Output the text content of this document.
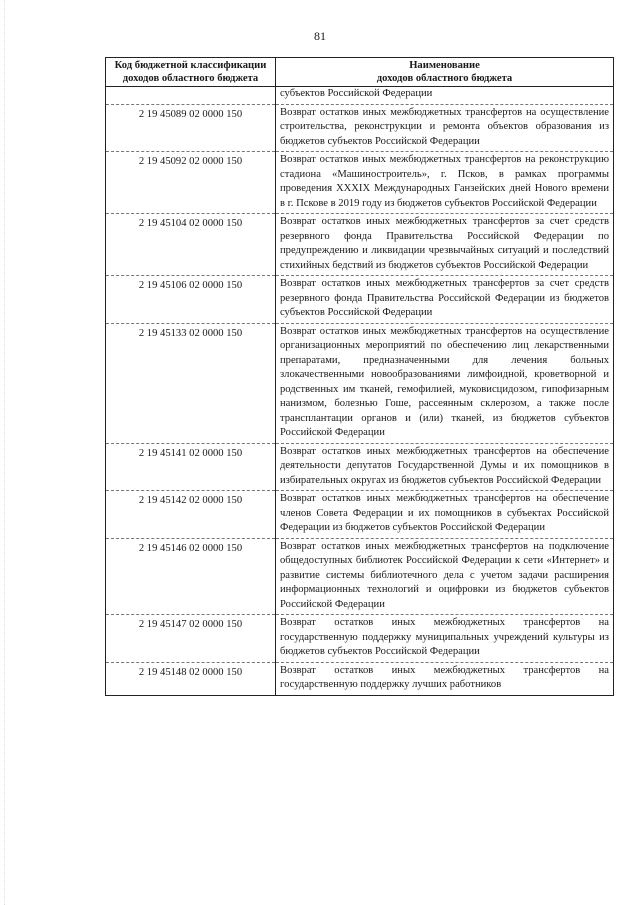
81
Код бюджетной классификации доходов областного бюджета	Наименование
доходов областного бюджета

	субъектов Российской Федерации
2 19 45089 02 0000 150	Возврат остатков иных межбюджетных трансфертов на осуществление строительства, реконструкции и ремонта объектов образования из бюджетов субъектов Российской Федерации
2 19 45092 02 0000 150	Возврат остатков иных межбюджетных трансфертов на реконструкцию стадиона «Машиностроитель», г. Псков, в рамках программы проведения XXXIX Международных Ганзейских дней Нового времени в г. Пскове в 2019 году из бюджетов субъектов Российской Федерации
2 19 45104 02 0000 150	Возврат остатков иных межбюджетных трансфертов за счет средств резервного фонда Правительства Российской Федерации по предупреждению и ликвидации чрезвычайных ситуаций и последствий стихийных бедствий из бюджетов субъектов Российской Федерации
2 19 45106 02 0000 150	Возврат остатков иных межбюджетных трансфертов за счет средств резервного фонда Правительства Российской Федерации из бюджетов субъектов Российской Федерации
2 19 45133 02 0000 150	Возврат остатков иных межбюджетных трансфертов на осуществление организационных мероприятий по обеспечению лиц лекарственными препаратами, предназначенными для лечения больных злокачественными новообразованиями лимфоидной, кроветворной и родственных им тканей, гемофилией, муковисцидозом, гипофизарным нанизмом, болезнью Гоше, рассеянным склерозом, а также после трансплантации органов и (или) тканей, из бюджетов субъектов Российской Федерации
2 19 45141 02 0000 150	Возврат остатков иных межбюджетных трансфертов на обеспечение деятельности депутатов Государственной Думы и их помощников в избирательных округах из бюджетов субъектов Российской Федерации
2 19 45142 02 0000 150	Возврат остатков иных межбюджетных трансфертов на обеспечение членов Совета Федерации и их помощников в субъектах Российской Федерации из бюджетов субъектов Российской Федерации
2 19 45146 02 0000 150	Возврат остатков иных межбюджетных трансфертов на подключение общедоступных библиотек Российской Федерации к сети «Интернет» и развитие системы библиотечного дела с учетом задачи расширения информационных технологий и оцифровки из бюджетов субъектов Российской Федерации
2 19 45147 02 0000 150	Возврат остатков иных межбюджетных трансфертов на государственную поддержку муниципальных учреждений культуры из бюджетов субъектов Российской Федерации
2 19 45148 02 0000 150	Возврат остатков иных межбюджетных трансфертов на государственную поддержку лучших работников
